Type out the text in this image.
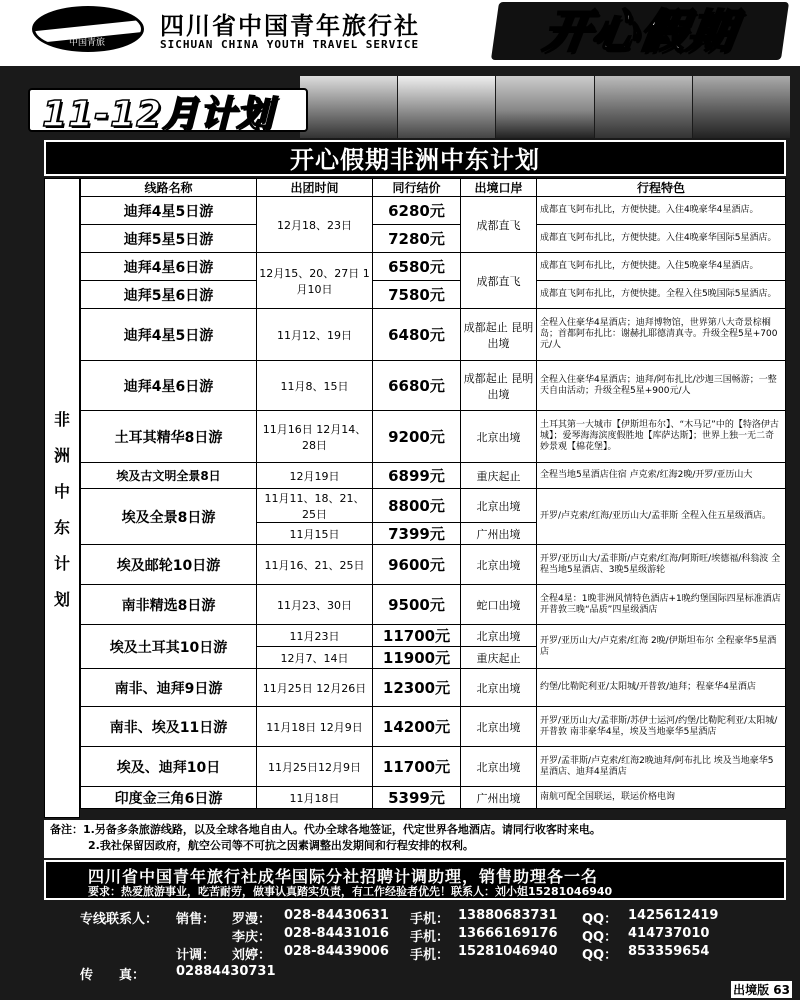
中国青旅
四川省中国青年旅行社
SICHUAN CHINA YOUTH TRAVEL SERVICE	开心假期
11-12月计划
开心假期非洲中东计划
非
洲
中
东
计
划
线路名称	出团时间	同行结价	出境口岸	行程特色
迪拜4星5日游	12月18、23日	6280元	成都直飞	成都直飞阿布扎比，方便快捷。入住4晚豪华4星酒店。
迪拜5星5日游		7280元		成都直飞阿布扎比，方便快捷。入住4晚豪华国际5星酒店。
迪拜4星6日游	12月15、20、27日 1月10日	6580元	成都直飞	成都直飞阿布扎比，方便快捷。入住5晚豪华4星酒店。
迪拜5星6日游		7580元		成都直飞阿布扎比，方便快捷。全程入住5晚国际5星酒店。
迪拜4星5日游	11月12、19日	6480元	成都起止 昆明出境	全程入住豪华4星酒店；迪拜博物馆，世界第八大奇景棕榈岛；首都阿布扎比：谢赫扎耶德清真寺。升级全程5星+700元/人
迪拜4星6日游	11月8、15日	6680元	成都起止 昆明出境	全程入住豪华4星酒店；迪拜/阿布扎比/沙迦三国畅游；一整天自由活动；升级全程5星+900元/人
土耳其精华8日游	11月16日 12月14、28日	9200元	北京出境	土耳其第一大城市【伊斯坦布尔】、“木马记”中的【特洛伊古城】；爱琴海海滨度假胜地【库萨达斯】；世界上独一无二奇妙景观【棉花堡】。
埃及古文明全景8日	12月19日	6899元	重庆起止	全程当地5星酒店住宿 卢克索/红海2晚/开罗/亚历山大
埃及全景8日游	11月11、18、21、25日	8800元	北京出境	开罗/卢克索/红海/亚历山大/孟菲斯 全程入住五星级酒店。
	11月15日	7399元	广州出境	
埃及邮轮10日游	11月16、21、25日	9600元	北京出境	开罗/亚历山大/孟菲斯/卢克索/红海/阿斯旺/埃德福/科翁波 全程当地5星酒店、3晚5星级游轮
南非精选8日游	11月23、30日	9500元	蛇口出境	全程4星：1晚非洲风情特色酒店+1晚约堡国际四星标准酒店 开普敦三晚“品质”四星级酒店
埃及土耳其10日游	11月23日	11700元	北京出境	开罗/亚历山大/卢克索/红海 2晚/伊斯坦布尔 全程豪华5星酒店
	12月7、14日	11900元	重庆起止	
南非、迪拜9日游	11月25日 12月26日	12300元	北京出境	约堡/比勒陀利亚/太阳城/开普敦/迪拜；程豪华4星酒店
南非、埃及11日游	11月18日 12月9日	14200元	北京出境	开罗/亚历山大/孟菲斯/苏伊士运河/约堡/比勒陀利亚/太阳城/开普敦 南非豪华4星，埃及当地豪华5星酒店
埃及、迪拜10日	11月25日12月9日	11700元	北京出境	开罗/孟菲斯/卢克索/红海2晚迪拜/阿布扎比 埃及当地豪华5星酒店、迪拜4星酒店
印度金三角6日游	11月18日	5399元	广州出境	南航可配全国联运，联运价格电询
备注：1.另备多条旅游线路，以及全球各地自由人。代办全球各地签证，代定世界各地酒店。请同行收客时来电。
2.我社保留因政府，航空公司等不可抗之因素调整出发期间和行程安排的权利。
四川省中国青年旅行社成华国际分社招聘计调助理，销售助理各一名
要求：热爱旅游事业，吃苦耐劳，做事认真踏实负责，有工作经验者优先！联系人：刘小姐15281046940
专线联系人： 销售： 罗漫： 028-84430631 手机： 13880683731 QQ： 1425612419
李庆： 028-84431016 手机： 13666169176 QQ： 414737010
计调： 刘婷： 028-84439006 手机： 15281046940 QQ： 853359654
传　　真： 02884430731
出境版 63
